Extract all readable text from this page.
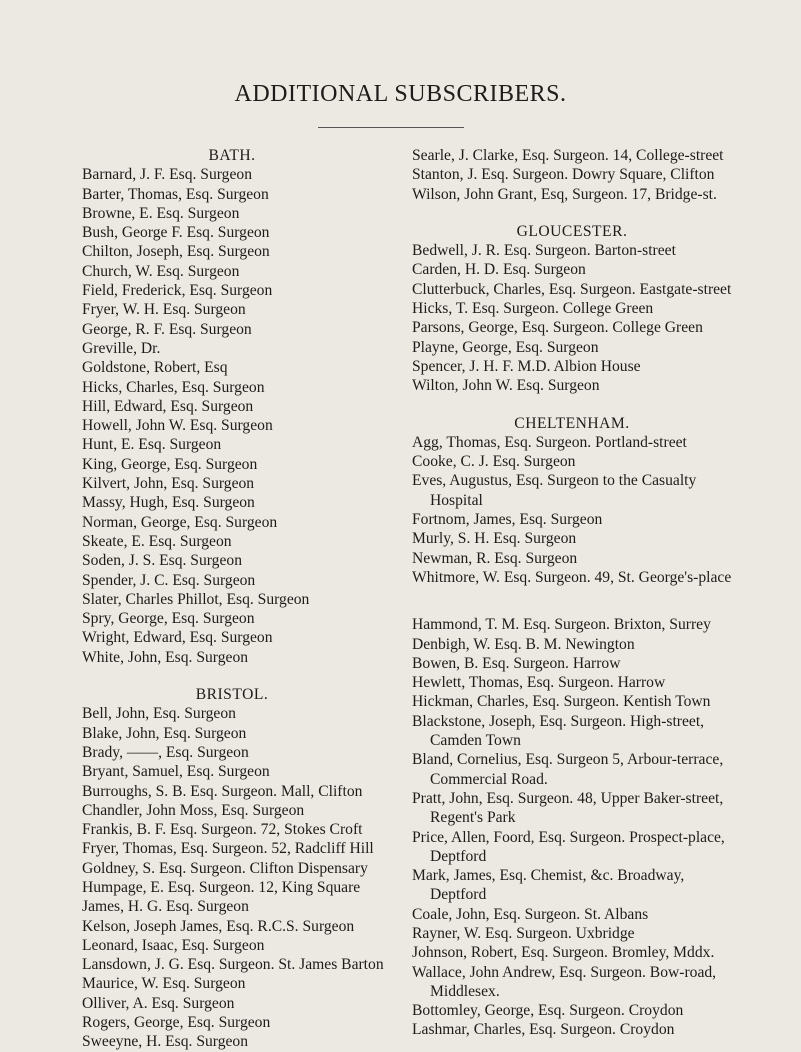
ADDITIONAL SUBSCRIBERS.
BATH.
Barnard, J. F. Esq. Surgeon
Barter, Thomas, Esq. Surgeon
Browne, E. Esq. Surgeon
Bush, George F. Esq. Surgeon
Chilton, Joseph, Esq. Surgeon
Church, W. Esq. Surgeon
Field, Frederick, Esq. Surgeon
Fryer, W. H. Esq. Surgeon
George, R. F. Esq. Surgeon
Greville, Dr.
Goldstone, Robert, Esq
Hicks, Charles, Esq. Surgeon
Hill, Edward, Esq. Surgeon
Howell, John W. Esq. Surgeon
Hunt, E. Esq. Surgeon
King, George, Esq. Surgeon
Kilvert, John, Esq. Surgeon
Massy, Hugh, Esq. Surgeon
Norman, George, Esq. Surgeon
Skeate, E. Esq. Surgeon
Soden, J. S. Esq. Surgeon
Spender, J. C. Esq. Surgeon
Slater, Charles Phillot, Esq. Surgeon
Spry, George, Esq. Surgeon
Wright, Edward, Esq. Surgeon
White, John, Esq. Surgeon
BRISTOL.
Bell, John, Esq. Surgeon
Blake, John, Esq. Surgeon
Brady, ——, Esq. Surgeon
Bryant, Samuel, Esq. Surgeon
Burroughs, S. B. Esq. Surgeon. Mall, Clifton
Chandler, John Moss, Esq. Surgeon
Frankis, B. F. Esq. Surgeon. 72, Stokes Croft
Fryer, Thomas, Esq. Surgeon. 52, Radcliff Hill
Goldney, S. Esq. Surgeon. Clifton Dispensary
Humpage, E. Esq. Surgeon. 12, King Square
James, H. G. Esq. Surgeon
Kelson, Joseph James, Esq. R.C.S. Surgeon
Leonard, Isaac, Esq. Surgeon
Lansdown, J. G. Esq. Surgeon. St. James Barton
Maurice, W. Esq. Surgeon
Olliver, A. Esq. Surgeon
Rogers, George, Esq. Surgeon
Sweeyne, H. Esq. Surgeon
Searle, J. Clarke, Esq. Surgeon. 14, College-street
Stanton, J. Esq. Surgeon. Dowry Square, Clifton
Wilson, John Grant, Esq, Surgeon. 17, Bridge-st.
GLOUCESTER.
Bedwell, J. R. Esq. Surgeon. Barton-street
Carden, H. D. Esq. Surgeon
Clutterbuck, Charles, Esq. Surgeon. Eastgate-street
Hicks, T. Esq. Surgeon. College Green
Parsons, George, Esq. Surgeon. College Green
Playne, George, Esq. Surgeon
Spencer, J. H. F. M.D. Albion House
Wilton, John W. Esq. Surgeon
CHELTENHAM.
Agg, Thomas, Esq. Surgeon. Portland-street
Cooke, C. J. Esq. Surgeon
Eves, Augustus, Esq. Surgeon to the Casualty
Hospital
Fortnom, James, Esq. Surgeon
Murly, S. H. Esq. Surgeon
Newman, R. Esq. Surgeon
Whitmore, W. Esq. Surgeon. 49, St. George's-place
Hammond, T. M. Esq. Surgeon. Brixton, Surrey
Denbigh, W. Esq. B. M. Newington
Bowen, B. Esq. Surgeon. Harrow
Hewlett, Thomas, Esq. Surgeon. Harrow
Hickman, Charles, Esq. Surgeon. Kentish Town
Blackstone, Joseph, Esq. Surgeon. High-street,
Camden Town
Bland, Cornelius, Esq. Surgeon 5, Arbour-terrace,
Commercial Road.
Pratt, John, Esq. Surgeon. 48, Upper Baker-street,
Regent's Park
Price, Allen, Foord, Esq. Surgeon. Prospect-place,
Deptford
Mark, James, Esq. Chemist, &c. Broadway,
Deptford
Coale, John, Esq. Surgeon. St. Albans
Rayner, W. Esq. Surgeon. Uxbridge
Johnson, Robert, Esq. Surgeon. Bromley, Mddx.
Wallace, John Andrew, Esq. Surgeon. Bow-road,
Middlesex.
Bottomley, George, Esq. Surgeon. Croydon
Lashmar, Charles, Esq. Surgeon. Croydon
